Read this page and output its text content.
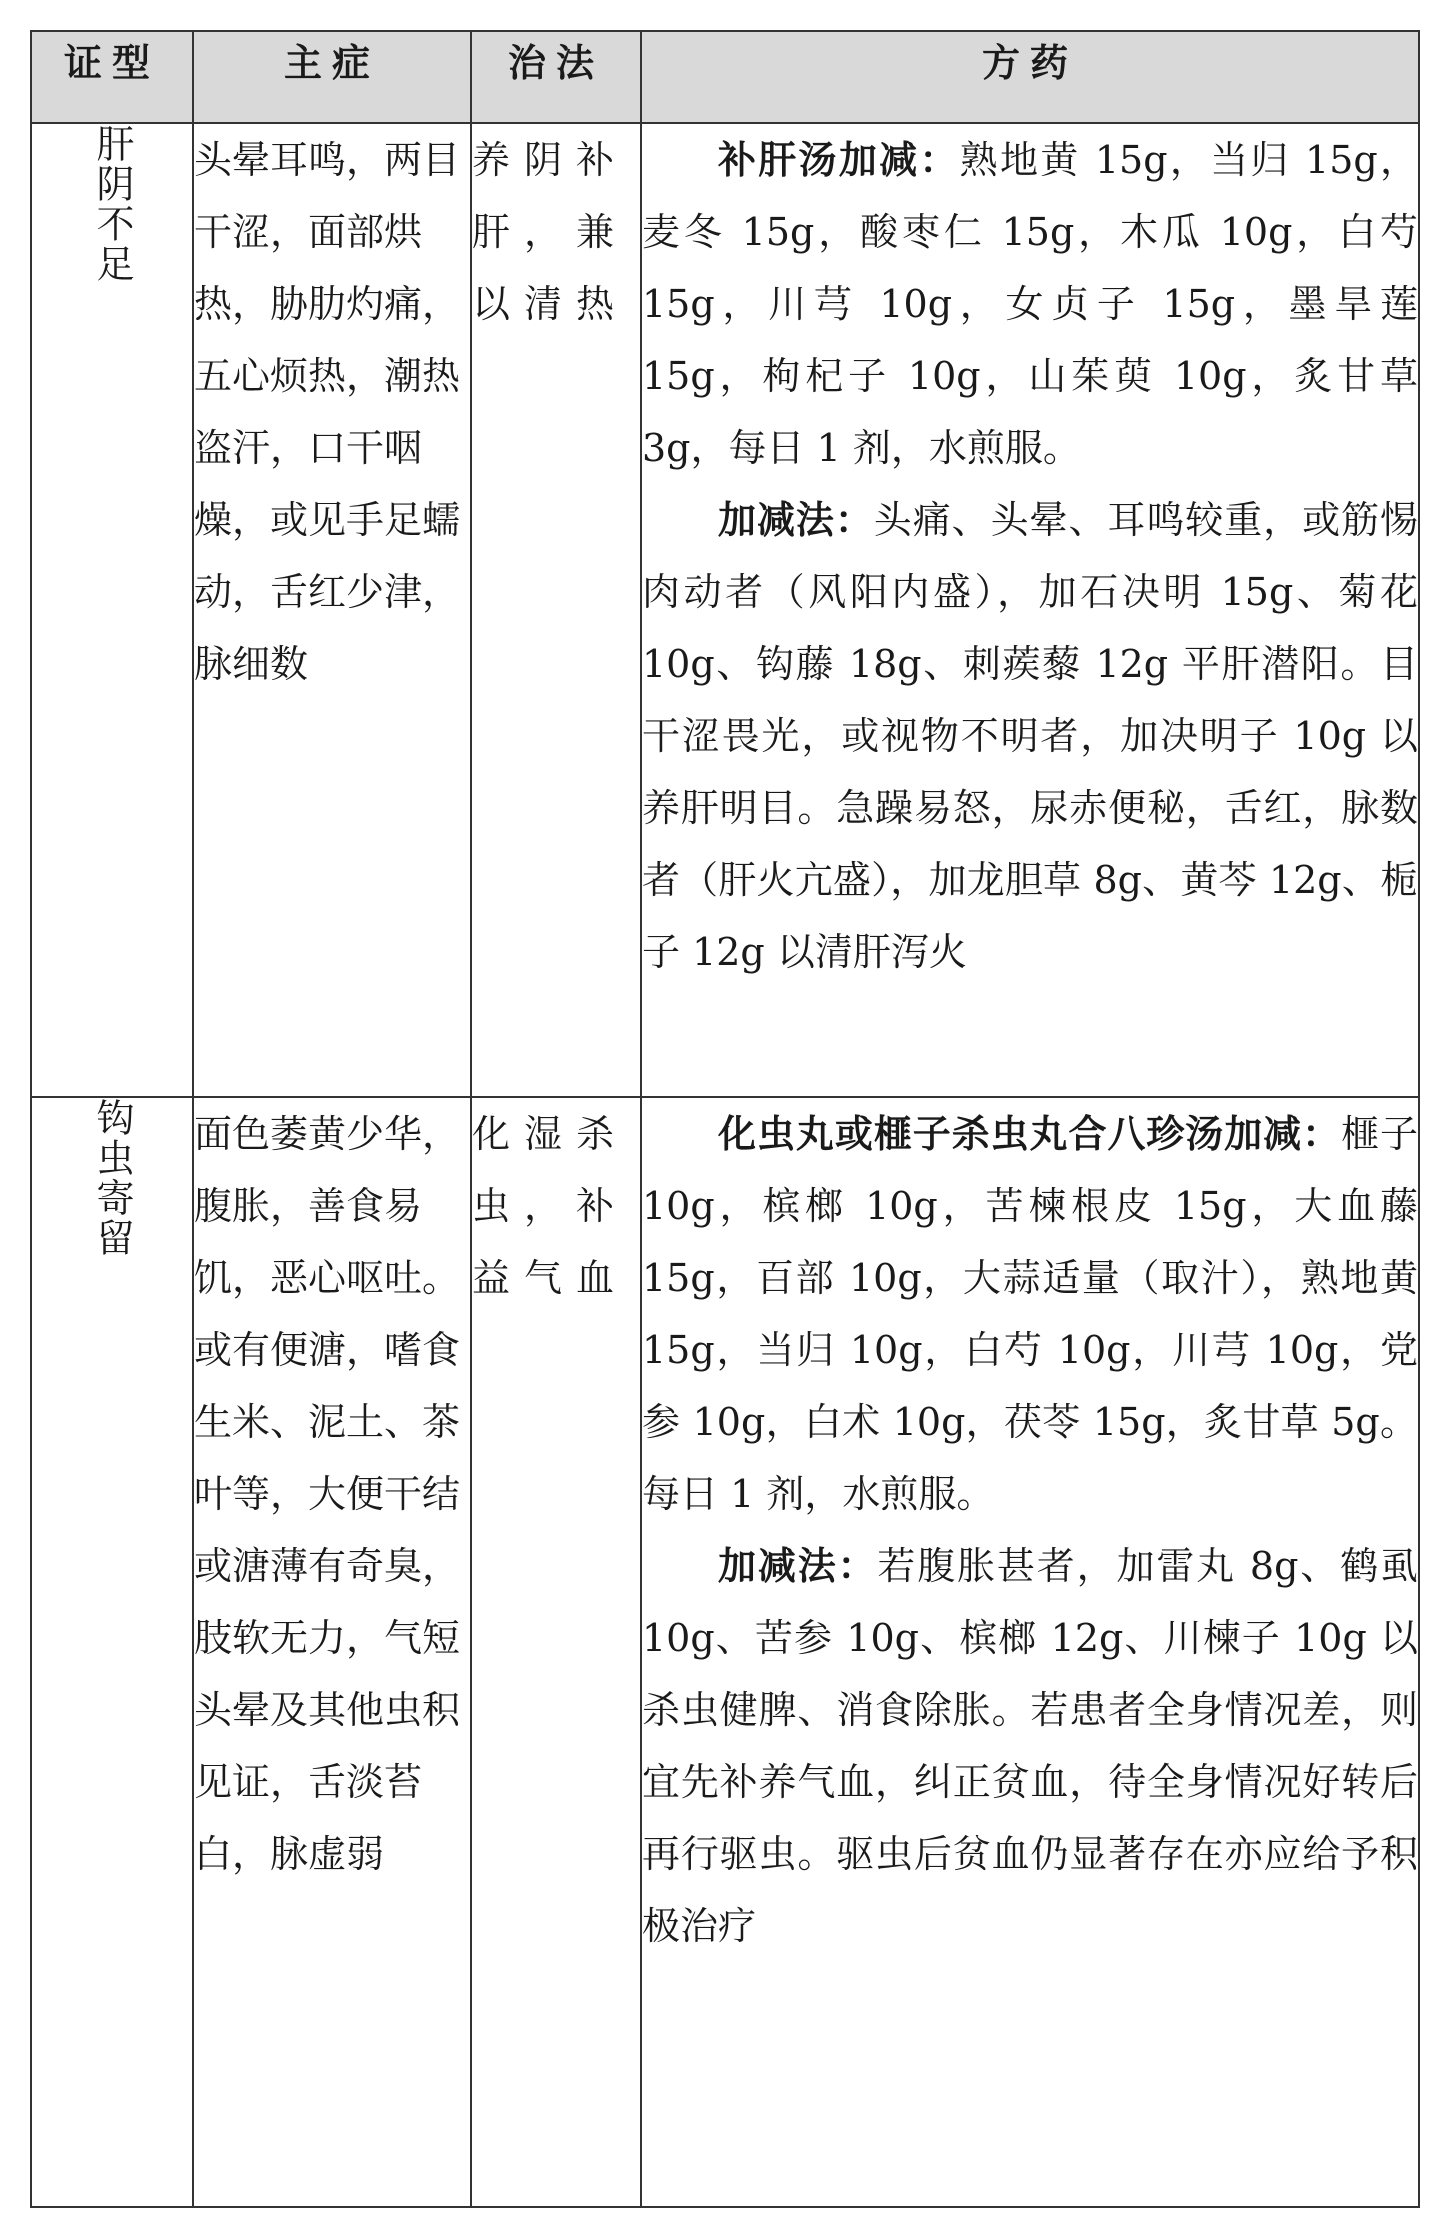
证型	主症	治法	方药
肝阴不足	头晕耳鸣，两目干涩，面部烘热，胁肋灼痛，五心烦热，潮热盗汗，口干咽燥，或见手足蠕动，舌红少津，脉细数	养阴补肝，兼以清热	补肝汤加减：熟地黄 15g，当归 15g，麦冬 15g，酸枣仁 15g，木瓜 10g，白芍 15g，川芎 10g，女贞子 15g，墨旱莲 15g，枸杞子 10g，山茱萸 10g，炙甘草 3g，每日 1 剂，水煎服。

加减法：头痛、头晕、耳鸣较重，或筋惕肉动者（风阳内盛），加石决明 15g、菊花 10g、钩藤 18g、刺蒺藜 12g 平肝潜阳。目干涩畏光，或视物不明者，加决明子 10g 以养肝明目。急躁易怒，尿赤便秘，舌红，脉数者（肝火亢盛），加龙胆草 8g、黄芩 12g、栀子 12g 以清肝泻火

钩虫寄留	面色萎黄少华，腹胀，善食易饥，恶心呕吐。或有便溏，嗜食生米、泥土、茶叶等，大便干结或溏薄有奇臭，肢软无力，气短头晕及其他虫积见证，舌淡苔白，脉虚弱	化湿杀虫，补益气血	化虫丸或榧子杀虫丸合八珍汤加减：榧子 10g，槟榔 10g，苦楝根皮 15g，大血藤 15g，百部 10g，大蒜适量（取汁），熟地黄 15g，当归 10g，白芍 10g，川芎 10g，党参 10g，白术 10g，茯苓 15g，炙甘草 5g。每日 1 剂，水煎服。

加减法：若腹胀甚者，加雷丸 8g、鹤虱 10g、苦参 10g、槟榔 12g、川楝子 10g 以杀虫健脾、消食除胀。若患者全身情况差，则宜先补养气血，纠正贫血，待全身情况好转后再行驱虫。驱虫后贫血仍显著存在亦应给予积极治疗
